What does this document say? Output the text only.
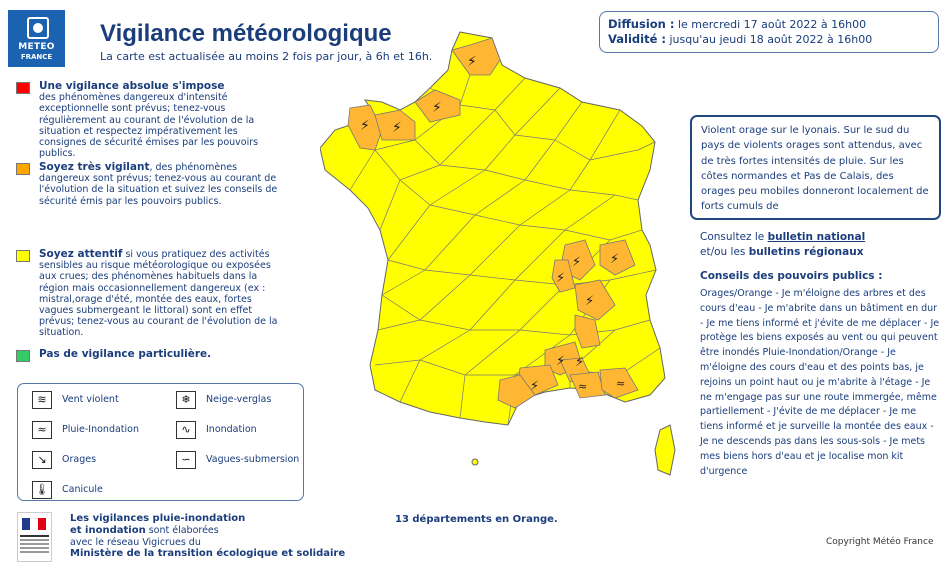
METEO
FRANCE
Vigilance météorologique
La carte est actualisée au moins 2 fois par jour, à 6h et 16h.
Diffusion : le mercredi 17 août 2022 à 16h00
Validité : jusqu'au jeudi 18 août 2022 à 16h00
Une vigilance absolue s'impose
des phénomènes dangereux d'intensité exceptionnelle sont prévus; tenez-vous régulièrement au courant de l'évolution de la situation et respectez impérativement les consignes de sécurité émises par les pouvoirs publics.
Soyez très vigilant, des phénomènes dangereux sont prévus; tenez-vous au courant de l'évolution de la situation et suivez les conseils de sécurité émis par les pouvoirs publics.
Soyez attentif si vous pratiquez des activités sensibles au risque météorologique ou exposées aux crues; des phénomènes habituels dans la région mais occasionnellement dangereux (ex : mistral,orage d'été, montée des eaux, fortes vagues submergeant le littoral) sont en effet prévus; tenez-vous au courant de l'évolution de la situation.
Pas de vigilance particulière.
≋	Vent violent	❄	Neige-verglas
≈	Pluie-Inondation	∿	Inondation
↘	Orages	∽	Vagues-submersion
🌡︎	Canicule
⚡︎
⚡︎ ⚡︎
⚡︎
⚡︎
⚡︎
⚡︎
⚡︎
⚡︎
⚡︎
⚡︎
≈	≈
Violent orage sur le lyonais. Sur le sud du pays de violents orages sont attendus, avec de très fortes intensités de pluie. Sur les côtes normandes et Pas de Calais, des orages peu mobiles donneront localement de forts cumuls de
Consultez le bulletin national
et/ou les bulletins régionaux
Conseils des pouvoirs publics :
Orages/Orange - Je m'éloigne des arbres et des cours d'eau - Je m'abrite dans un bâtiment en dur - Je me tiens informé et j'évite de me déplacer - Je protège les biens exposés au vent ou qui peuvent être inondés Pluie-Inondation/Orange - Je m'éloigne des cours d'eau et des points bas, je rejoins un point haut ou je m'abrite à l'étage - Je ne m'engage pas sur une route immergée, même partiellement - J'évite de me déplacer - Je me tiens informé et je surveille la montée des eaux - Je ne descends pas dans les sous-sols - Je mets mes biens hors d'eau et je localise mon kit d'urgence
Les vigilances pluie-inondation
et inondation sont élaborées
avec le réseau Vigicrues du
Ministère de la transition écologique et solidaire
13 départements en Orange.
Copyright Météo France
